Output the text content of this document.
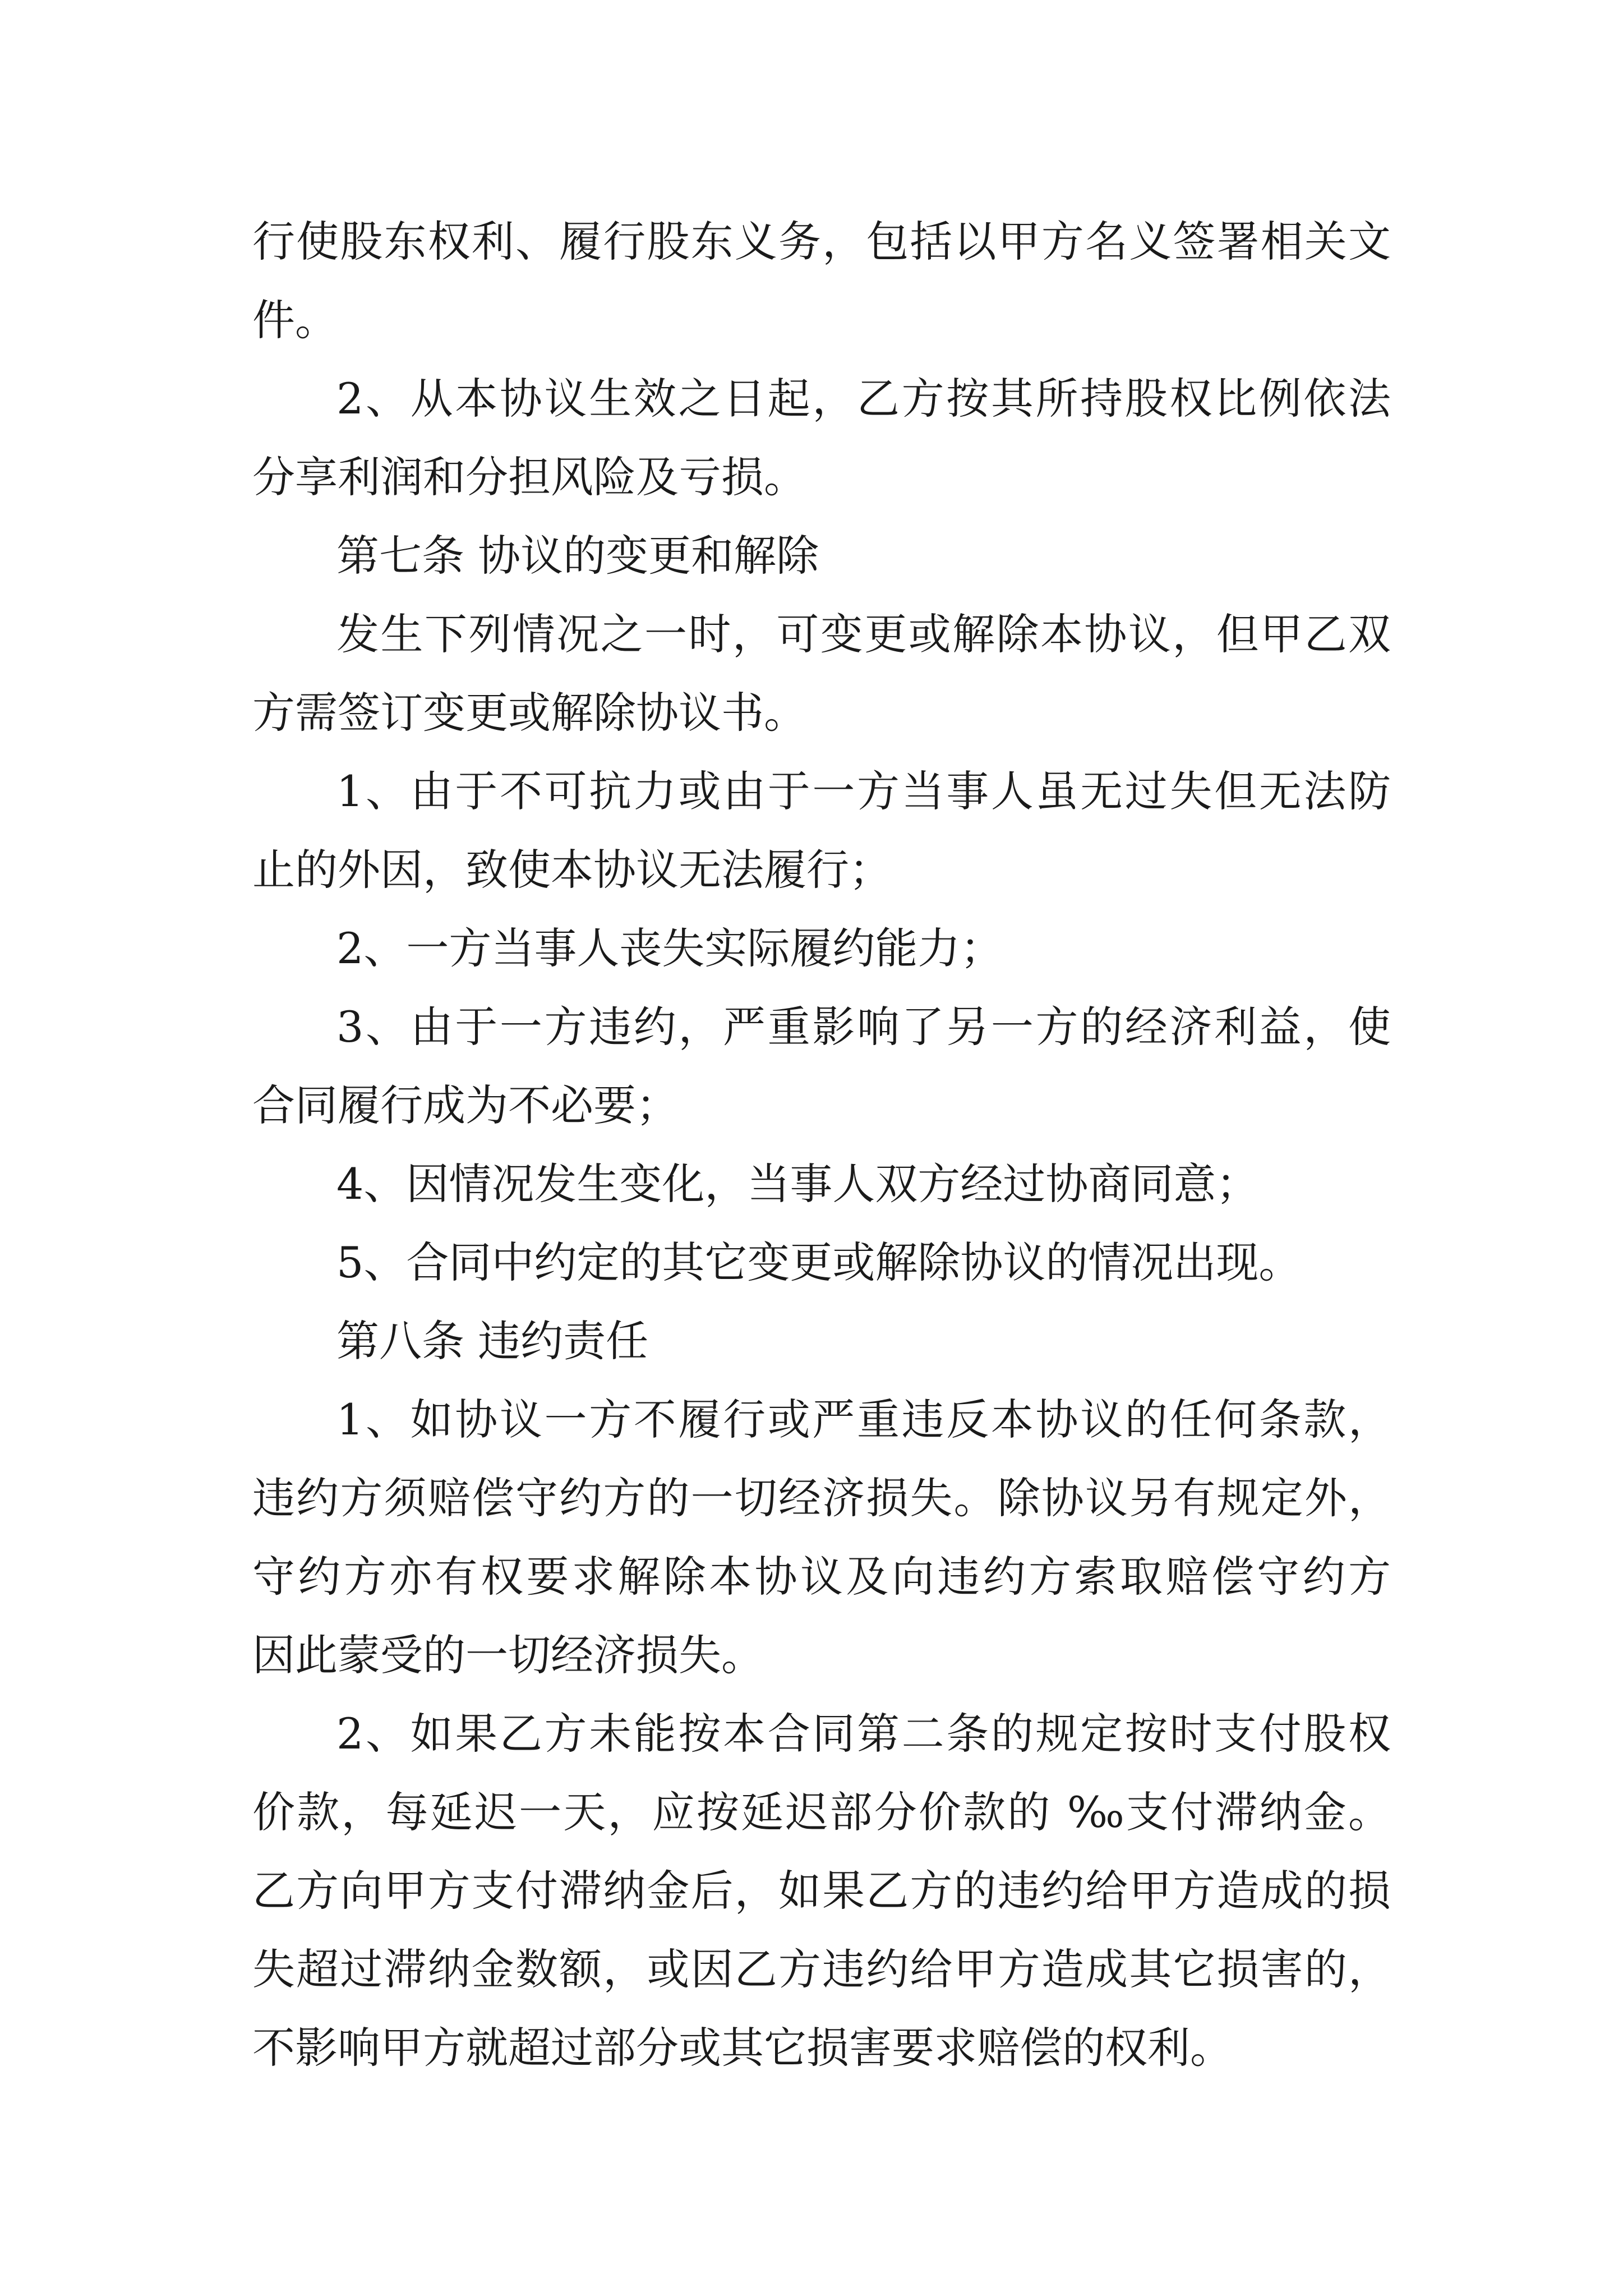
行使股东权利、履行股东义务，包括以甲方名义签署相关文
件。
2、从本协议生效之日起，乙方按其所持股权比例依法
分享利润和分担风险及亏损。
第七条 协议的变更和解除
发生下列情况之一时，可变更或解除本协议，但甲乙双
方需签订变更或解除协议书。
1、由于不可抗力或由于一方当事人虽无过失但无法防
止的外因，致使本协议无法履行；
2、一方当事人丧失实际履约能力；
3、由于一方违约，严重影响了另一方的经济利益，使
合同履行成为不必要；
4、因情况发生变化，当事人双方经过协商同意；
5、合同中约定的其它变更或解除协议的情况出现。
第八条 违约责任
1、如协议一方不履行或严重违反本协议的任何条款，
违约方须赔偿守约方的一切经济损失。除协议另有规定外，
守约方亦有权要求解除本协议及向违约方索取赔偿守约方
因此蒙受的一切经济损失。
2、如果乙方未能按本合同第二条的规定按时支付股权
价款，每延迟一天，应按延迟部分价款的 ‰支付滞纳金。
乙方向甲方支付滞纳金后，如果乙方的违约给甲方造成的损
失超过滞纳金数额，或因乙方违约给甲方造成其它损害的，
不影响甲方就超过部分或其它损害要求赔偿的权利。
